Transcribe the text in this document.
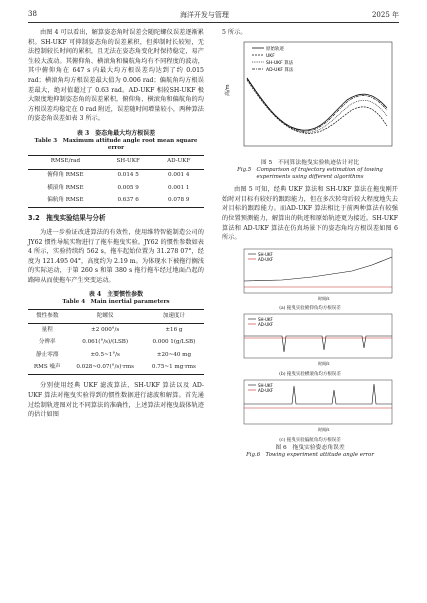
38	海洋开发与管理	2025 年

由图 4 可以看出，解算姿态角时误差会随陀螺仪误差逐渐累积。SH-UKF 可抑制姿态角的误差累积，但抑制时长较短，无法控制较长时间的累积，且无法在姿态角变化时保持稳定，易产生较大波动。其俯仰角、横滚角和偏航角均有不同程度的波动，其中俯仰角在 647 s 内最大均方根误差均达到了约 0.015 rad；横滚角均方根误差最大值为 0.006 rad；偏航角均方根误差最大，绝对值超过了 0.63 rad。AD-UKF 相较SH-UKF 极大限度地抑制姿态角的误差累积，俯仰角、横滚角和偏航角的均方根误差均稳定在 0 rad 附近，误差随时间增量较小，两种算法的姿态角误差如表 3 所示。

表 3　姿态角最大均方根误差
Table 3　Maximum attitude angle root mean square error
RMSE/rad	SH-UKF	AD-UKF
俯仰角 RMSE	0.014 5	0.001 4
横滚角 RMSE	0.005 9	0.001 1
偏航角 RMSE	0.637 6	0.078 9
3.2　拖曳实验结果与分析

为进一步验证改进算法的有效性，使用维特智能制造公司的 JY62 惯性导航实物进行了拖车拖曳实验。JY62 的惯性参数如表 4 所示，实验持续约 562 s，拖车起始位置为 31.278 07°，经度为 121.495 04°，高度约为 2.19 m。为体现水下被拖行搁浅的实际运动，于第 260 s 和第 380 s 拖行拖车经过地面凸起的路障从而使拖车产生突变运动。

表 4　主要惯性参数
Table 4　Main inertial parameters
惯性参数	陀螺仪	加速度计
量程	±2 000°/s	±16 g
分辨率	0.061(°/s)/(LSB)	0.000 1(g/LSB)
静止零漂	±0.5~1°/s	±20~40 mg
RMS 噪声	0.028~0.07(°/s)·rms	0.75~1 mg·rms

分别使用经典 UKF 滤波算法、SH-UKF 算法以及 AD-UKF 算法对拖曳实验得到的惯性数据进行滤波和解算。首先通过绘制轨迹图对比不同算法的准确性，上述算法对拖曳载体轨迹的估计如图

5 所示。
高/m
原始轨迹
UKF
SH-UKF 算法
AD-UKF 算法
图 5　不同算法拖曳实验轨迹估计对比
Fig.5　Comparison of trajectory estimation of towing experiments using different algorithms

由图 5 可知，经典 UKF 算法和 SH-UKF 算法在拖曳刚开始时对目标有较好的跟踪能力，但在多次转弯后较大程度地失去对目标的跟踪能力。而AD-UKF 算法相比于前两种算法有较强的位置预测能力，解算出的轨迹和原始轨迹更为接近。SH-UKF 算法和 AD-UKF 算法在仿真场景下的姿态角均方根误差如图 6 所示。

SH-UKF
AD-UKF
时间/s
(a) 拖曳实验俯仰角均方根误差
SH-UKF
AD-UKF
时间/s
(b) 拖曳实验横滚角均方根误差
SH-UKF
AD-UKF
时间/s
(c) 拖曳实验偏航角均方根误差
图 6　拖曳实验姿态角误差
Fig.6　Towing experiment attitude angle error
